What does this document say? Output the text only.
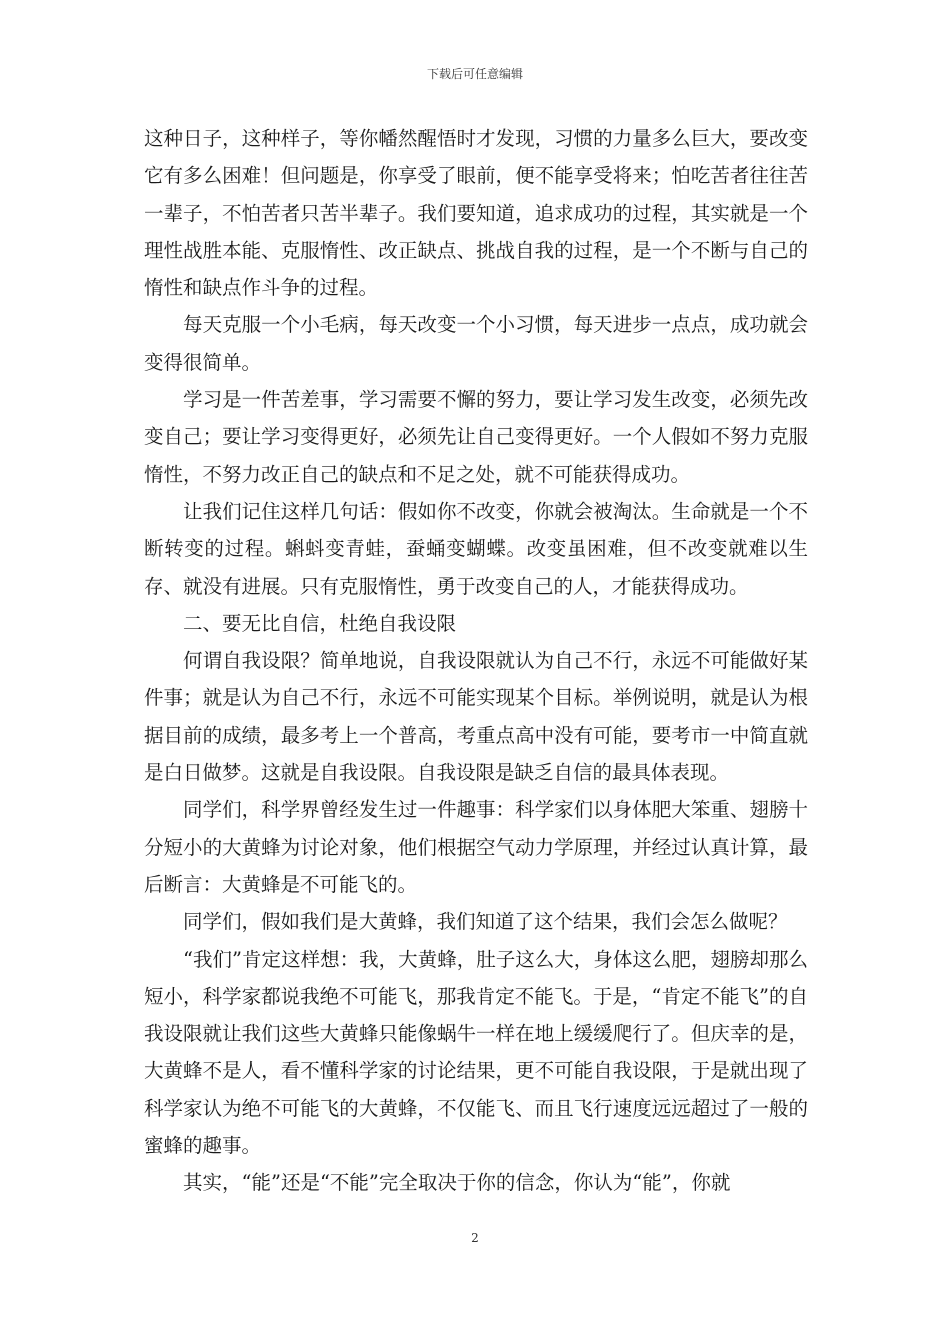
下载后可任意编辑

这种日子，这种样子，等你幡然醒悟时才发现，习惯的力量多么巨大，要改变它有多么困难！但问题是，你享受了眼前，便不能享受将来；怕吃苦者往往苦一辈子，不怕苦者只苦半辈子。我们要知道，追求成功的过程，其实就是一个理性战胜本能、克服惰性、改正缺点、挑战自我的过程，是一个不断与自己的惰性和缺点作斗争的过程。

　　每天克服一个小毛病，每天改变一个小习惯，每天进步一点点，成功就会变得很简单。

　　学习是一件苦差事，学习需要不懈的努力，要让学习发生改变，必须先改变自己；要让学习变得更好，必须先让自己变得更好。一个人假如不努力克服惰性，不努力改正自己的缺点和不足之处，就不可能获得成功。

　　让我们记住这样几句话：假如你不改变，你就会被淘汰。生命就是一个不断转变的过程。蝌蚪变青蛙，蚕蛹变蝴蝶。改变虽困难，但不改变就难以生存、就没有进展。只有克服惰性，勇于改变自己的人，才能获得成功。

　　二、要无比自信，杜绝自我设限

　　何谓自我设限？简单地说，自我设限就认为自己不行，永远不可能做好某件事；就是认为自己不行，永远不可能实现某个目标。举例说明，就是认为根据目前的成绩，最多考上一个普高，考重点高中没有可能，要考市一中简直就是白日做梦。这就是自我设限。自我设限是缺乏自信的最具体表现。

　　同学们，科学界曾经发生过一件趣事：科学家们以身体肥大笨重、翅膀十分短小的大黄蜂为讨论对象，他们根据空气动力学原理，并经过认真计算，最后断言：大黄蜂是不可能飞的。

　　同学们，假如我们是大黄蜂，我们知道了这个结果，我们会怎么做呢？

　　“我们”肯定这样想：我，大黄蜂，肚子这么大，身体这么肥，翅膀却那么短小，科学家都说我绝不可能飞，那我肯定不能飞。于是，“肯定不能飞”的自我设限就让我们这些大黄蜂只能像蜗牛一样在地上缓缓爬行了。但庆幸的是，大黄蜂不是人，看不懂科学家的讨论结果，更不可能自我设限，于是就出现了科学家认为绝不可能飞的大黄蜂，不仅能飞、而且飞行速度远远超过了一般的蜜蜂的趣事。

　　其实，“能”还是“不能”完全取决于你的信念，你认为“能”，你就

2
